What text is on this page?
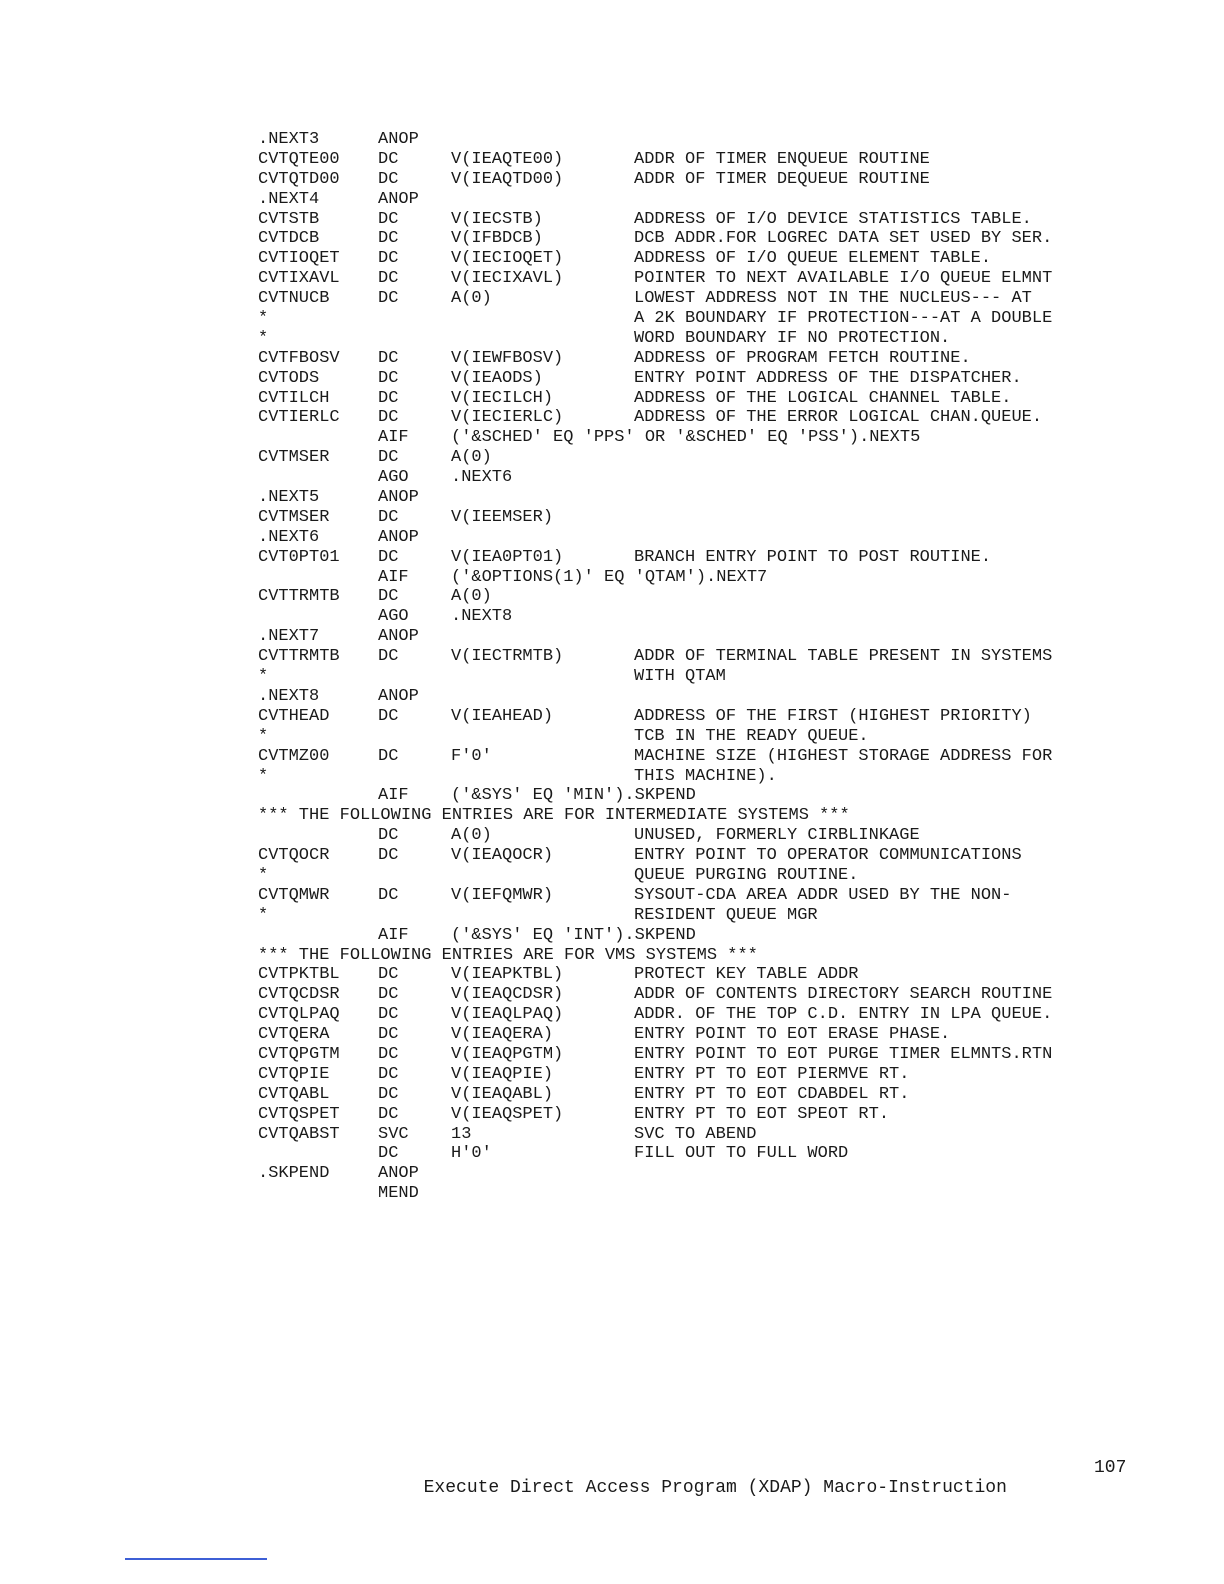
.NEXT3	ANOP
CVTQTE00 DC	V(IEAQTE00)	ADDR OF TIMER ENQUEUE ROUTINE
CVTQTD00 DC	V(IEAQTD00)	ADDR OF TIMER DEQUEUE ROUTINE
.NEXT4	ANOP
CVTSTB	DC	V(IECSTB)	ADDRESS OF I/O DEVICE STATISTICS TABLE.
CVTDCB	DC	V(IFBDCB)	DCB ADDR.FOR LOGREC DATA SET USED BY SER.
CVTIOQET DC	V(IECIOQET)	ADDRESS OF I/O QUEUE ELEMENT TABLE.
CVTIXAVL DC	V(IECIXAVL)	POINTER TO NEXT AVAILABLE I/O QUEUE ELMNT
CVTNUCB	DC	A(0)	LOWEST ADDRESS NOT IN THE NUCLEUS--- AT
*	A 2K BOUNDARY IF PROTECTION---AT A DOUBLE
*	WORD BOUNDARY IF NO PROTECTION.
CVTFBOSV DC	V(IEWFBOSV)	ADDRESS OF PROGRAM FETCH ROUTINE.
CVTODS	DC	V(IEAODS)	ENTRY POINT ADDRESS OF THE DISPATCHER.
CVTILCH	DC	V(IECILCH)	ADDRESS OF THE LOGICAL CHANNEL TABLE.
CVTIERLC DC	V(IECIERLC)	ADDRESS OF THE ERROR LOGICAL CHAN.QUEUE.
AIF ('&SCHED' EQ 'PPS' OR '&SCHED' EQ 'PSS').NEXT5
CVTMSER	DC	A(0)
AGO .NEXT6
.NEXT5	ANOP
CVTMSER	DC	V(IEEMSER)
.NEXT6	ANOP
CVT0PT01 DC	V(IEA0PT01)	BRANCH ENTRY POINT TO POST ROUTINE.
AIF ('&OPTIONS(1)' EQ 'QTAM').NEXT7
CVTTRMTB DC	A(0)
AGO .NEXT8
.NEXT7	ANOP
CVTTRMTB DC	V(IECTRMTB)	ADDR OF TERMINAL TABLE PRESENT IN SYSTEMS
*	WITH QTAM
.NEXT8	ANOP
CVTHEAD	DC	V(IEAHEAD)	ADDRESS OF THE FIRST (HIGHEST PRIORITY)
*	TCB IN THE READY QUEUE.
CVTMZ00	DC	F'0'	MACHINE SIZE (HIGHEST STORAGE ADDRESS FOR
*	THIS MACHINE).
AIF ('&SYS' EQ 'MIN').SKPEND
*** THE FOLLOWING ENTRIES ARE FOR INTERMEDIATE SYSTEMS ***
DC	A(0)	UNUSED, FORMERLY CIRBLINKAGE
CVTQOCR	DC	V(IEAQOCR)	ENTRY POINT TO OPERATOR COMMUNICATIONS
*	QUEUE PURGING ROUTINE.
CVTQMWR	DC	V(IEFQMWR)	SYSOUT-CDA AREA ADDR USED BY THE NON-
*	RESIDENT QUEUE MGR
AIF ('&SYS' EQ 'INT').SKPEND
*** THE FOLLOWING ENTRIES ARE FOR VMS SYSTEMS ***
CVTPKTBL DC	V(IEAPKTBL)	PROTECT KEY TABLE ADDR
CVTQCDSR DC	V(IEAQCDSR)	ADDR OF CONTENTS DIRECTORY SEARCH ROUTINE
CVTQLPAQ DC	V(IEAQLPAQ)	ADDR. OF THE TOP C.D. ENTRY IN LPA QUEUE.
CVTQERA	DC	V(IEAQERA)	ENTRY POINT TO EOT ERASE PHASE.
CVTQPGTM DC	V(IEAQPGTM)	ENTRY POINT TO EOT PURGE TIMER ELMNTS.RTN
CVTQPIE	DC	V(IEAQPIE)	ENTRY PT TO EOT PIERMVE RT.
CVTQABL	DC	V(IEAQABL)	ENTRY PT TO EOT CDABDEL RT.
CVTQSPET DC	V(IEAQSPET)	ENTRY PT TO EOT SPEOT RT.
CVTQABST SVC 13	SVC TO ABEND
DC	H'0'	FILL OUT TO FULL WORD
.SKPEND	ANOP
MEND

Execute Direct Access Program (XDAP) Macro-Instruction

107
